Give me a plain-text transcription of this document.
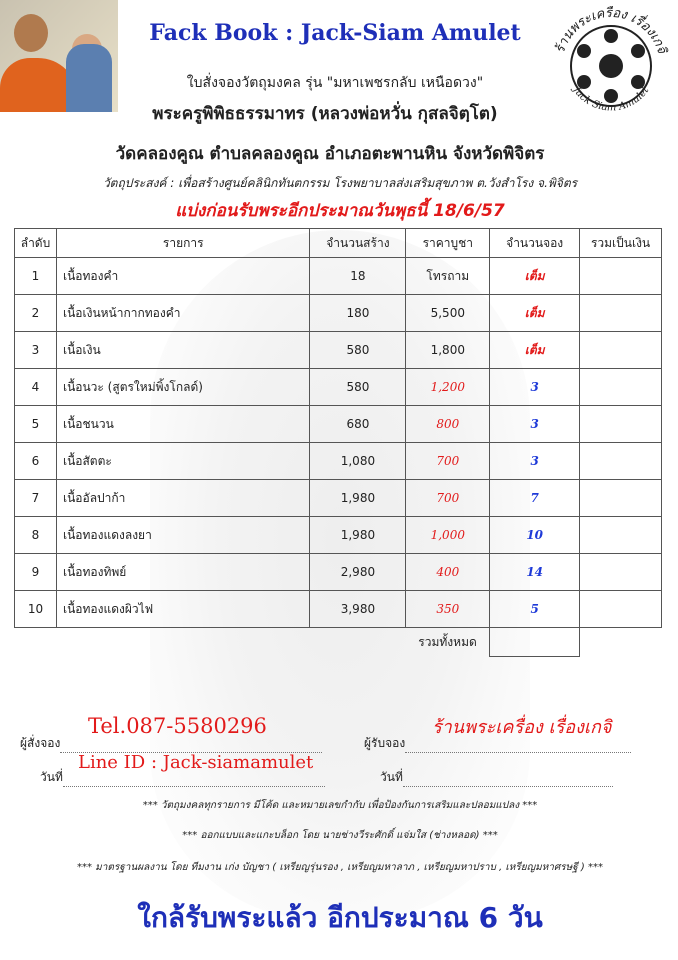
ร้านพระเครื่อง เรื่องเกจิ
Jack Siam Amulet
Fack Book : Jack-Siam Amulet
ใบสั่งจองวัตถุมงคล รุ่น "มหาเพชรกลับ เหนือดวง"
พระครูพิพิธธรรมาทร (หลวงพ่อหวั่น กุสลจิตฺโต)
วัดคลองคูณ ตำบลคลองคูณ อำเภอตะพานหิน จังหวัดพิจิตร
วัตถุประสงค์ : เพื่อสร้างศูนย์คลินิกทันตกรรม โรงพยาบาลส่งเสริมสุขภาพ ต.วังสำโรง จ.พิจิตร
แบ่งก่อนรับพระอีกประมาณวันพุธนี้ 18/6/57
ลำดับ	รายการ	จำนวนสร้าง	ราคาบูชา	จำนวนจอง	รวมเป็นเงิน
1	เนื้อทองคำ	18	โทรถาม	เต็ม	
2	เนื้อเงินหน้ากากทองคำ	180	5,500	เต็ม	
3	เนื้อเงิน	580	1,800	เต็ม	
4	เนื้อนวะ (สูตรใหม่พิ้งโกลด์)	580	1,200	3	
5	เนื้อชนวน	680	800	3	
6	เนื้อสัตตะ	1,080	700	3	
7	เนื้ออัลปาก้า	1,980	700	7	
8	เนื้อทองแดงลงยา	1,980	1,000	10	
9	เนื้อทองทิพย์	2,980	400	14	
10	เนื้อทองแดงผิวไฟ	3,980	350	5	
			รวมทั้งหมด		
ผู้สั่งจอง
Tel.087-5580296
ผู้รับจอง
ร้านพระเครื่อง เรื่องเกจิ
วันที่
Line ID : Jack-siamamulet
วันที่
*** วัตถุมงคลทุกรายการ มีโค้ด และหมายเลขกำกับ เพื่อป้องกันการเสริมและปลอมแปลง ***
*** ออกแบบและแกะบล็อก โดย นายช่างวีระศักดิ์ แจ่มใส (ช่างหลอด) ***
*** มาตรฐานผลงาน โดย ทีมงาน เก่ง บัญชา ( เหรียญรุ่นรอง , เหรียญมหาลาภ , เหรียญมหาปราบ , เหรียญมหาศรษฐี ) ***
ใกล้รับพระแล้ว อีกประมาณ 6 วัน
